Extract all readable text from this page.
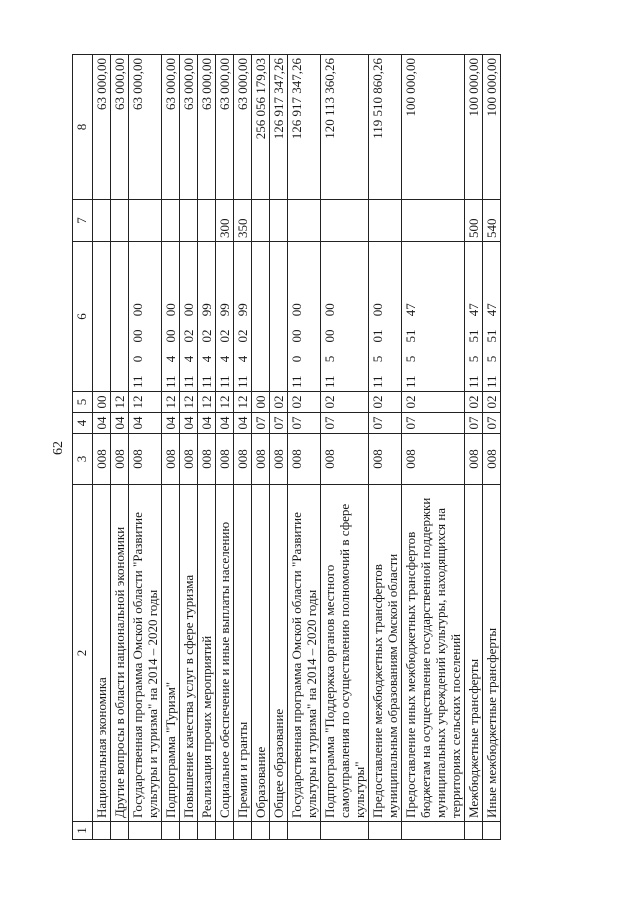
62
1	2	3	4	5	6	7	8
	Национальная экономика	008	04	00			63 000,00
	Другие вопросы в области национальной экономики	008	04	12			63 000,00
	Государственная программа Омской области "Развитие культуры и туризма" на 2014 – 2020 годы	008	04	12	11 0 00 00		63 000,00
	Подпрограмма "Туризм"	008	04	12	11 4 00 00		63 000,00
	Повышение качества услуг в сфере туризма	008	04	12	11 4 02 00		63 000,00
	Реализация прочих мероприятий	008	04	12	11 4 02 99		63 000,00
	Социальное обеспечение и иные выплаты населению	008	04	12	11 4 02 99	300	63 000,00
	Премии и гранты	008	04	12	11 4 02 99	350	63 000,00
	Образование	008	07	00			256 056 179,03
	Общее образование	008	07	02			126 917 347,26
	Государственная программа Омской области "Развитие культуры и туризма" на 2014 – 2020 годы	008	07	02	11 0 00 00		126 917 347,26
	Подпрограмма "Поддержка органов местного самоуправления по осуществлению полномочий в сфере культуры"	008	07	02	11 5 00 00		120 113 360,26
	Предоставление межбюджетных трансфертов муниципальным образованиям Омской области	008	07	02	11 5 01 00		119 510 860,26
	Предоставление иных межбюджетных трансфертов бюджетам на осуществление государственной поддержки муниципальных учреждений культуры, находящихся на территориях сельских поселений	008	07	02	11 5 51 47		100 000,00
	Межбюджетные трансферты	008	07	02	11 5 51 47	500	100 000,00
	Иные межбюджетные трансферты	008	07	02	11 5 51 47	540	100 000,00
